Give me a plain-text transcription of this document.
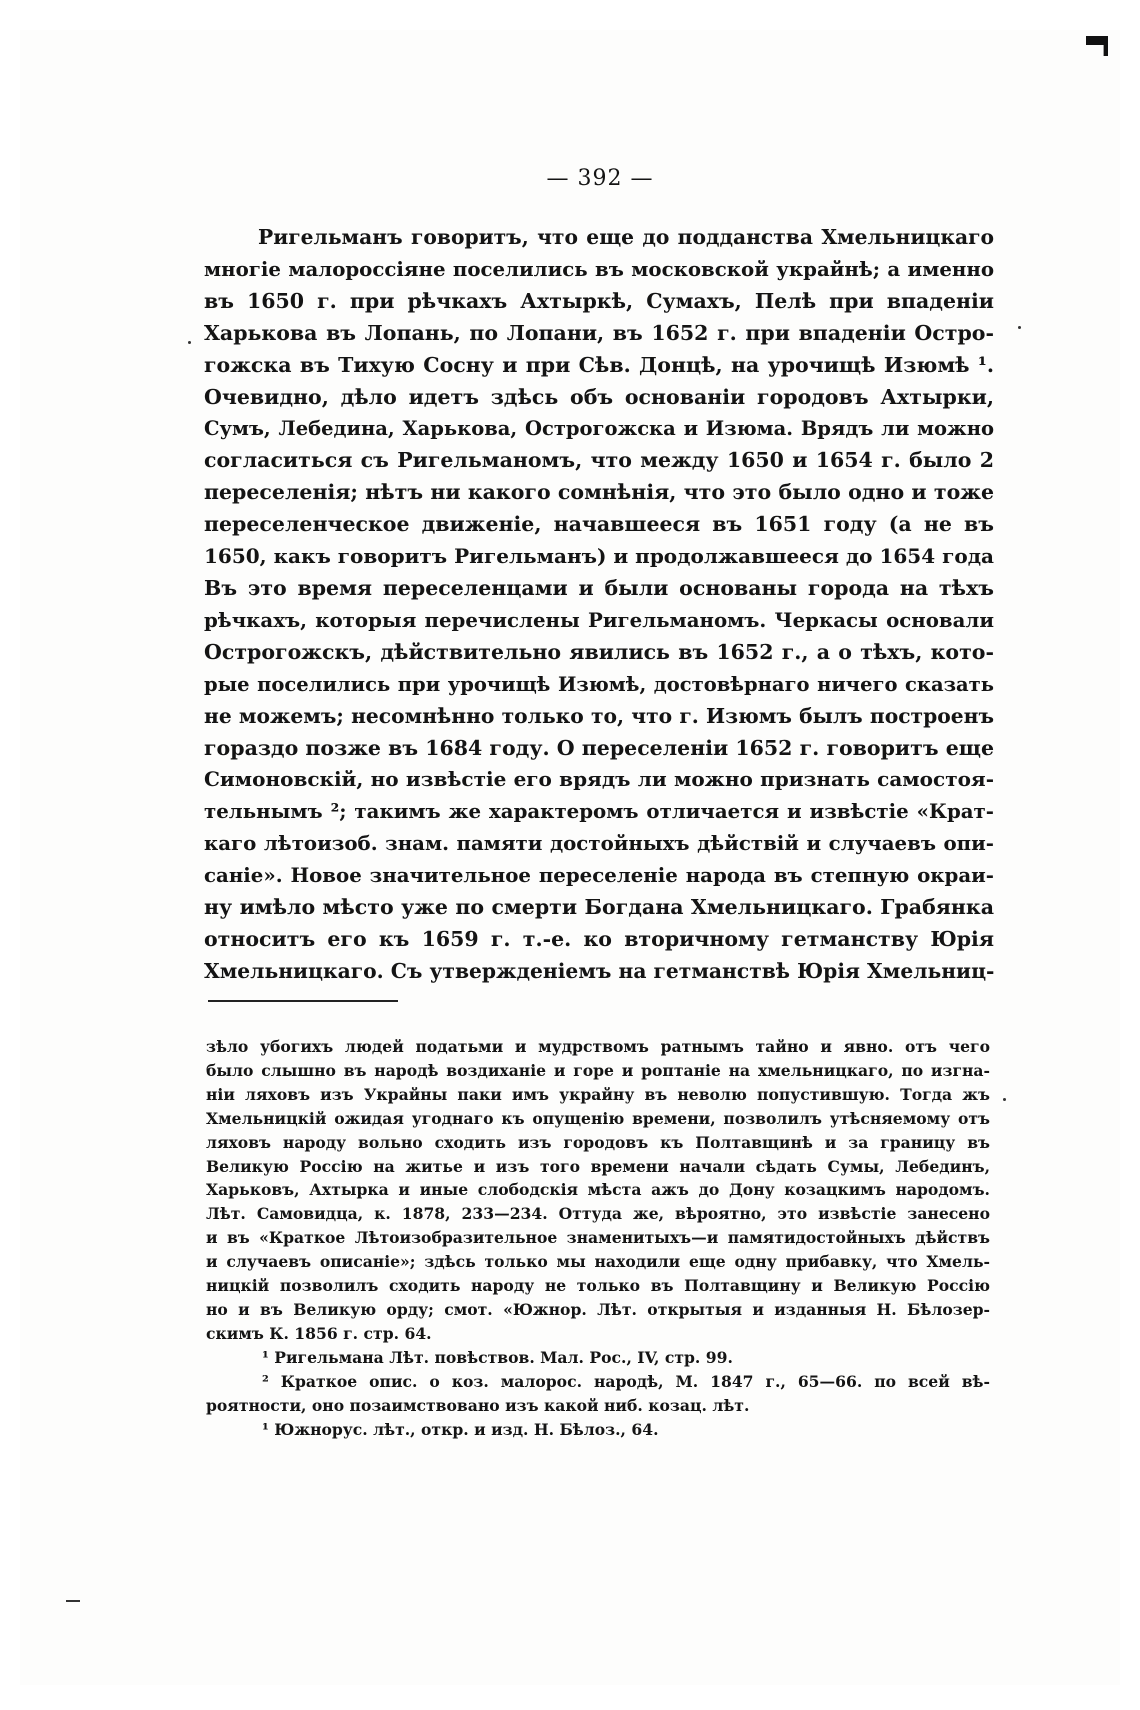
— 392 —
Ригельманъ говоритъ, что еще до подданства Хмельницкаго
многіе малороссіяне поселились въ московской украйнѣ; а именно
въ 1650 г. при рѣчкахъ Ахтыркѣ, Сумахъ, Пелѣ при впаденіи
Харькова въ Лопань, по Лопани, въ 1652 г. при впаденіи Остро-
гожска въ Тихую Сосну и при Сѣв. Донцѣ, на урочищѣ Изюмѣ ¹.
Очевидно, дѣло идетъ здѣсь объ основаніи городовъ Ахтырки,
Сумъ, Лебедина, Харькова, Острогожска и Изюма. Врядъ ли можно
согласиться съ Ригельманомъ, что между 1650 и 1654 г. было 2
переселенія; нѣтъ ни какого сомнѣнія, что это было одно и тоже
переселенческое движеніе, начавшееся въ 1651 году (а не въ
1650, какъ говоритъ Ригельманъ) и продолжавшееся до 1654 года
Въ это время переселенцами и были основаны города на тѣхъ
рѣчкахъ, которыя перечислены Ригельманомъ. Черкасы основали
Острогожскъ, дѣйствительно явились въ 1652 г., а о тѣхъ, кото-
рые поселились при урочищѣ Изюмѣ, достовѣрнаго ничего сказать
не можемъ; несомнѣнно только то, что г. Изюмъ былъ построенъ
гораздо позже въ 1684 году. О переселеніи 1652 г. говоритъ еще
Симоновскій, но извѣстіе его врядъ ли можно признать самостоя-
тельнымъ ²; такимъ же характеромъ отличается и извѣстіе «Крат-
каго лѣтоизоб. знам. памяти достойныхъ дѣйствій и случаевъ опи-
саніе». Новое значительное переселеніе народа въ степную окраи-
ну имѣло мѣсто уже по смерти Богдана Хмельницкаго. Грабянка
относитъ его къ 1659 г. т.-е. ко вторичному гетманству Юрія
Хмельницкаго. Съ утвержденіемъ на гетманствѣ Юрія Хмельниц-
зѣло убогихъ людей податьми и мудрствомъ ратнымъ тайно и явно. отъ чего
было слышно въ народѣ воздиханіе и горе и роптаніе на хмельницкаго, по изгна-
ніи ляховъ изъ Украйны паки имъ украйну въ неволю попустившую. Тогда жъ
Хмельницкій ожидая угоднаго къ опущенію времени, позволилъ утѣсняемому отъ
ляховъ народу вольно сходить изъ городовъ къ Полтавщинѣ и за границу въ
Великую Россію на житье и изъ того времени начали сѣдать Сумы, Лебединъ,
Харьковъ, Ахтырка и иные слободскія мѣста ажъ до Дону козацкимъ народомъ.
Лѣт. Самовидца, к. 1878, 233—234. Оттуда же, вѣроятно, это извѣстіе занесено
и въ «Краткое Лѣтоизобразительное знаменитыхъ—и памятидостойныхъ дѣйствъ
и случаевъ описаніе»; здѣсь только мы находили еще одну прибавку, что Хмель-
ницкій позволилъ сходить народу не только въ Полтавщину и Великую Россію
но и въ Великую орду; смот. «Южнор. Лѣт. открытыя и изданныя Н. Бѣлозер-
скимъ К. 1856 г. стр. 64.
¹ Ригельмана Лѣт. повѣствов. Мал. Рос., IV, стр. 99.
² Краткое опис. о коз. малорос. народѣ, М. 1847 г., 65—66. по всей вѣ-
роятности, оно позаимствовано изъ какой ниб. козац. лѣт.
¹ Южнорус. лѣт., откр. и изд. Н. Бѣлоз., 64.
